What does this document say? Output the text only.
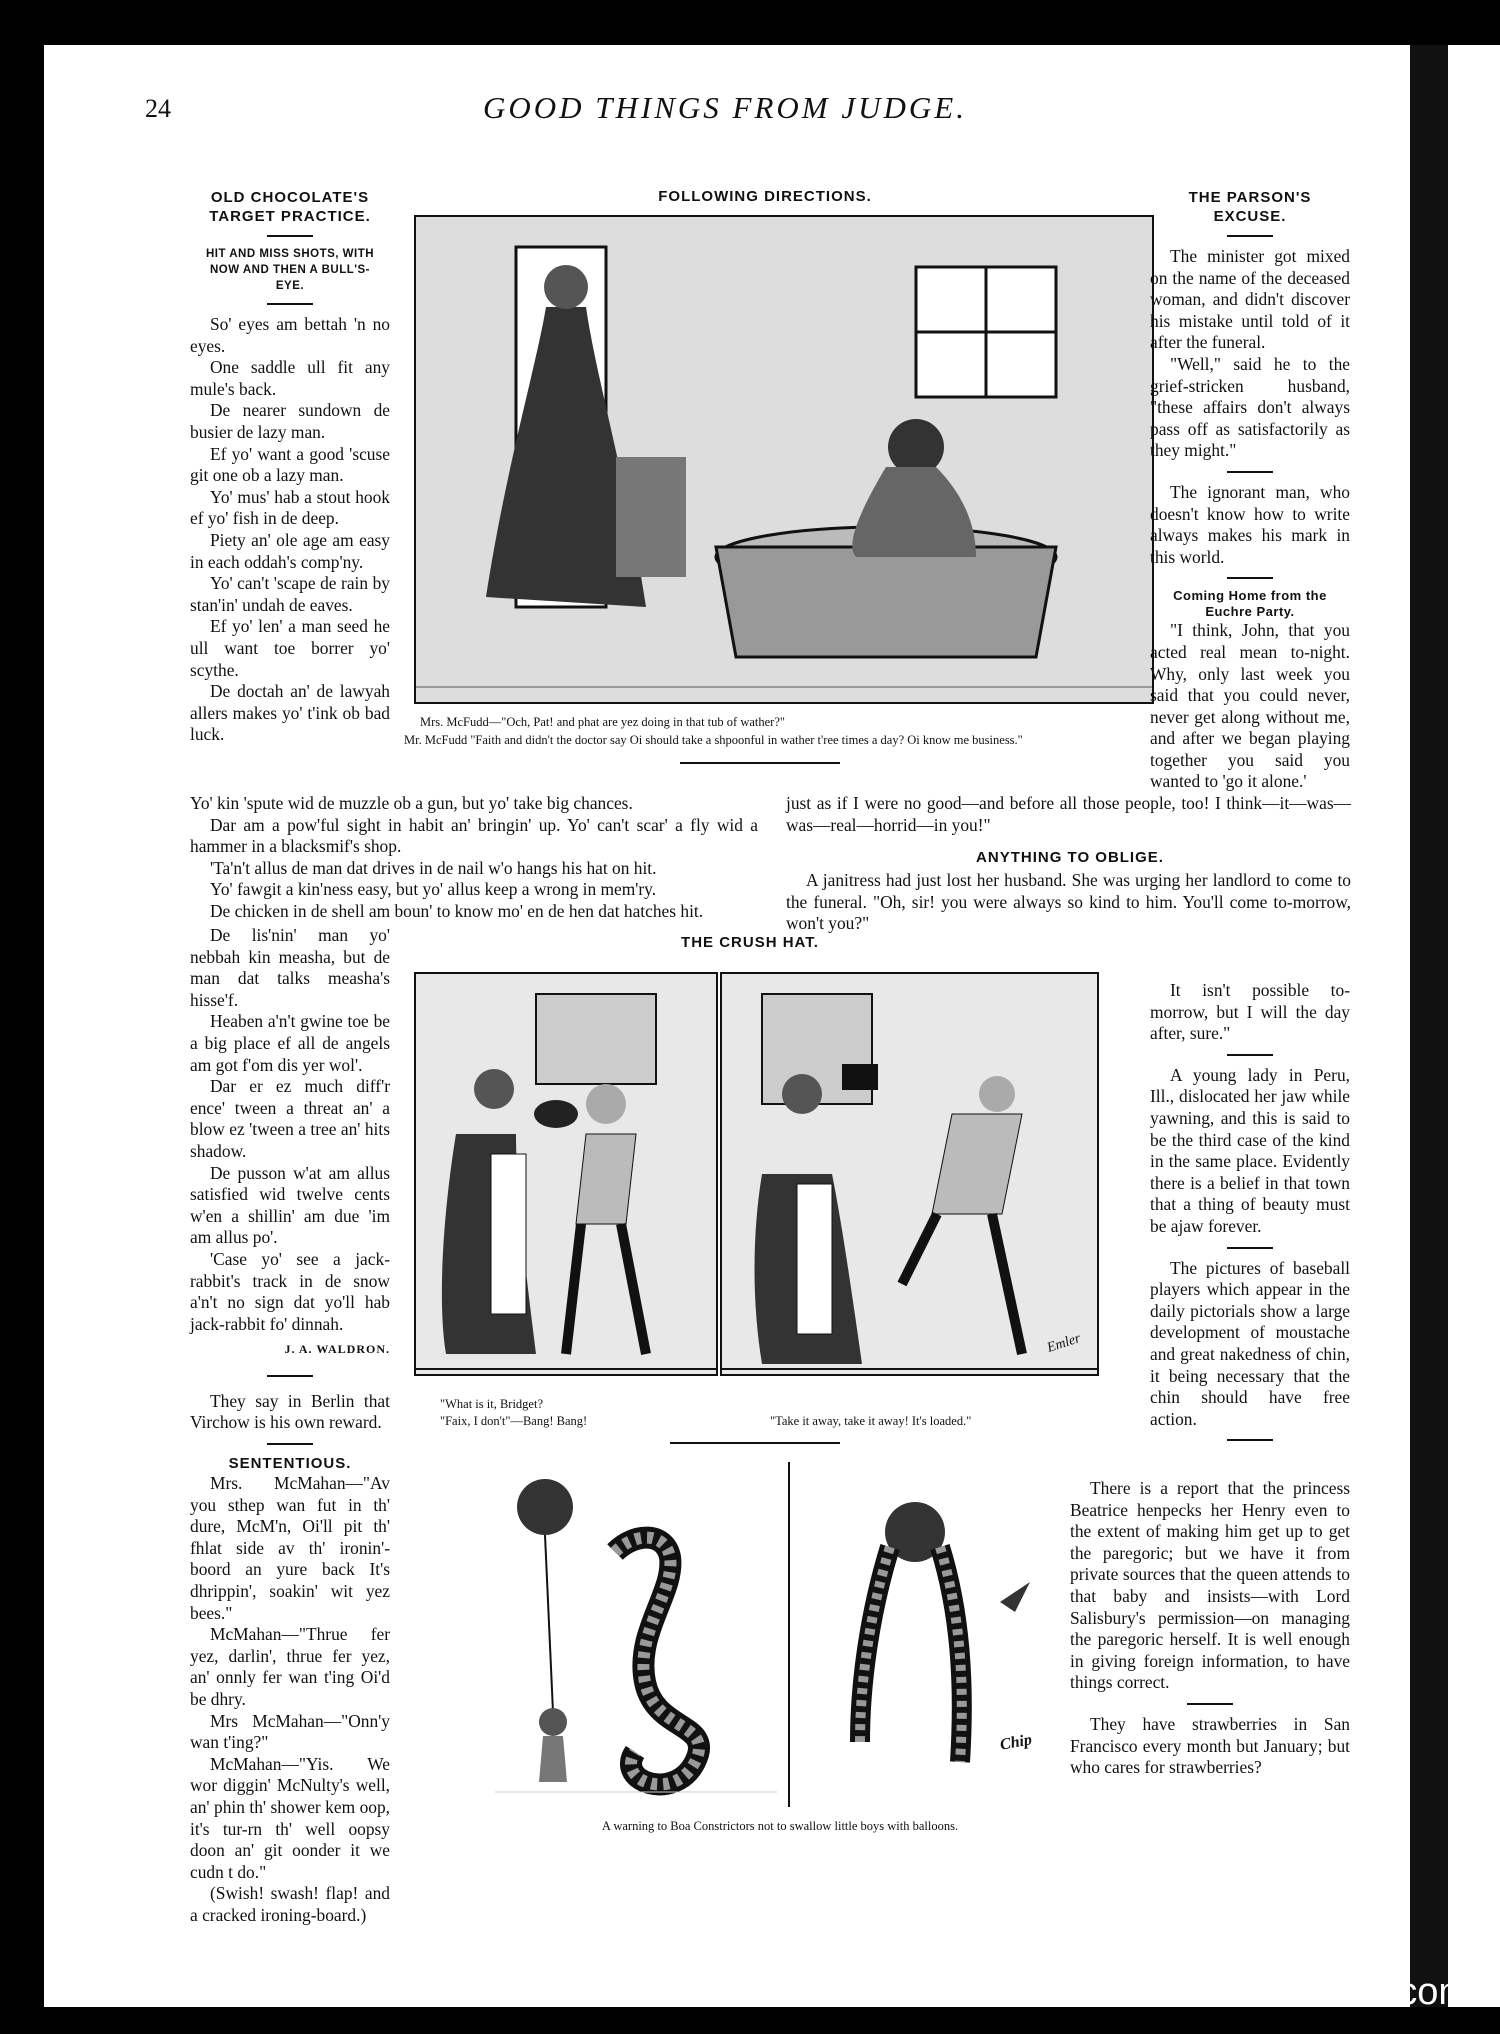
24	GOOD THINGS FROM JUDGE.
OLD CHOCOLATE'S
TARGET PRACTICE.
HIT AND MISS SHOTS, WITH NOW AND THEN A BULL'S-EYE.

So' eyes am bettah 'n no eyes.

One saddle ull fit any mule's back.

De nearer sundown de busier de lazy man.

Ef yo' want a good 'scuse git one ob a lazy man.

Yo' mus' hab a stout hook ef yo' fish in de deep.

Piety an' ole age am easy in each oddah's comp'ny.

Yo' can't 'scape de rain by stan'in' undah de eaves.

Ef yo' len' a man seed he ull want toe borrer yo' scythe.

De doctah an' de lawyah allers makes yo' t'ink ob bad luck.

Yo' kin 'spute wid de muzzle ob a gun, but yo' take big chances.

Dar am a pow'ful sight in habit an' bringin' up. Yo' can't scar' a fly wid a hammer in a blacksmif's shop.

'Ta'n't allus de man dat drives in de nail w'o hangs his hat on hit.

Yo' fawgit a kin'ness easy, but yo' allus keep a wrong in mem'ry.

De chicken in de shell am boun' to know mo' en de hen dat hatches hit.

De lis'nin' man yo' nebbah kin measha, but de man dat talks measha's hisse'f.

Heaben a'n't gwine toe be a big place ef all de angels am got f'om dis yer wol'.

Dar er ez much diff'r ence' tween a threat an' a blow ez 'tween a tree an' hits shadow.

De pusson w'at am allus satisfied wid twelve cents w'en a shillin' am due 'im am allus po'.

'Case yo' see a jack-rabbit's track in de snow a'n't no sign dat yo'll hab jack-rabbit fo' dinnah.

J. A. WALDRON.

They say in Berlin that Virchow is his own reward.

SENTENTIOUS.

Mrs. McMahan—"Av you sthep wan fut in th' dure, McM'n, Oi'll pit th' fhlat side av th' ironin'-boord an yure back It's dhrippin', soakin' wit yez bees."

McMahan—"Thrue fer yez, darlin', thrue fer yez, an' onnly fer wan t'ing Oi'd be dhry.

Mrs McMahan—"Onn'y wan t'ing?"

McMahan—"Yis. We wor diggin' McNulty's well, an' phin th' shower kem oop, it's tur-rn th' well oopsy doon an' git oonder it we cudn t do."

(Swish! swash! flap! and a cracked ironing-board.)

FOLLOWING DIRECTIONS.
Mrs. McFudd—"Och, Pat! and phat are yez doing in that tub of wather?"
Mr. McFudd "Faith and didn't the doctor say Oi should take a shpoonful in wather t'ree times a day? Oi know me business."
THE PARSON'S
EXCUSE.

The minister got mixed on the name of the deceased woman, and didn't discover his mistake until told of it after the funeral.

"Well," said he to the grief-stricken husband, "these affairs don't always pass off as satisfactorily as they might."

The ignorant man, who doesn't know how to write always makes his mark in this world.

Coming Home from the Euchre Party.

"I think, John, that you acted real mean to-night. Why, only last week you said that you could never, never get along without me, and after we began playing together you said you wanted to 'go it alone.'

just as if I were no good—and before all those people, too! I think—it—was—was—real—horrid—in you!"

ANYTHING TO OBLIGE.

A janitress had just lost her husband. She was urging her landlord to come to the funeral. "Oh, sir! you were always so kind to him. You'll come to-morrow, won't you?"

It isn't possible to-morrow, but I will the day after, sure."

A young lady in Peru, Ill., dislocated her jaw while yawning, and this is said to be the third case of the kind in the same place. Evidently there is a belief in that town that a thing of beauty must be ajaw forever.

The pictures of baseball players which appear in the daily pictorials show a large development of moustache and great nakedness of chin, it being necessary that the chin should have free action.

There is a report that the princess Beatrice henpecks her Henry even to the extent of making him get up to get the paregoric; but we have it from private sources that the queen attends to that baby and insists—with Lord Salisbury's permission—on managing the paregoric herself. It is well enough in giving foreign information, to have things correct.

They have strawberries in San Francisco every month but January; but who cares for strawberries?

THE CRUSH HAT.
Emler
"What is it, Bridget?
"Faix, I don't"—Bang! Bang!	"Take it away, take it away! It's loaded."
Chip
A warning to Boa Constrictors not to swallow little boys with balloons.
comicbooks.com
